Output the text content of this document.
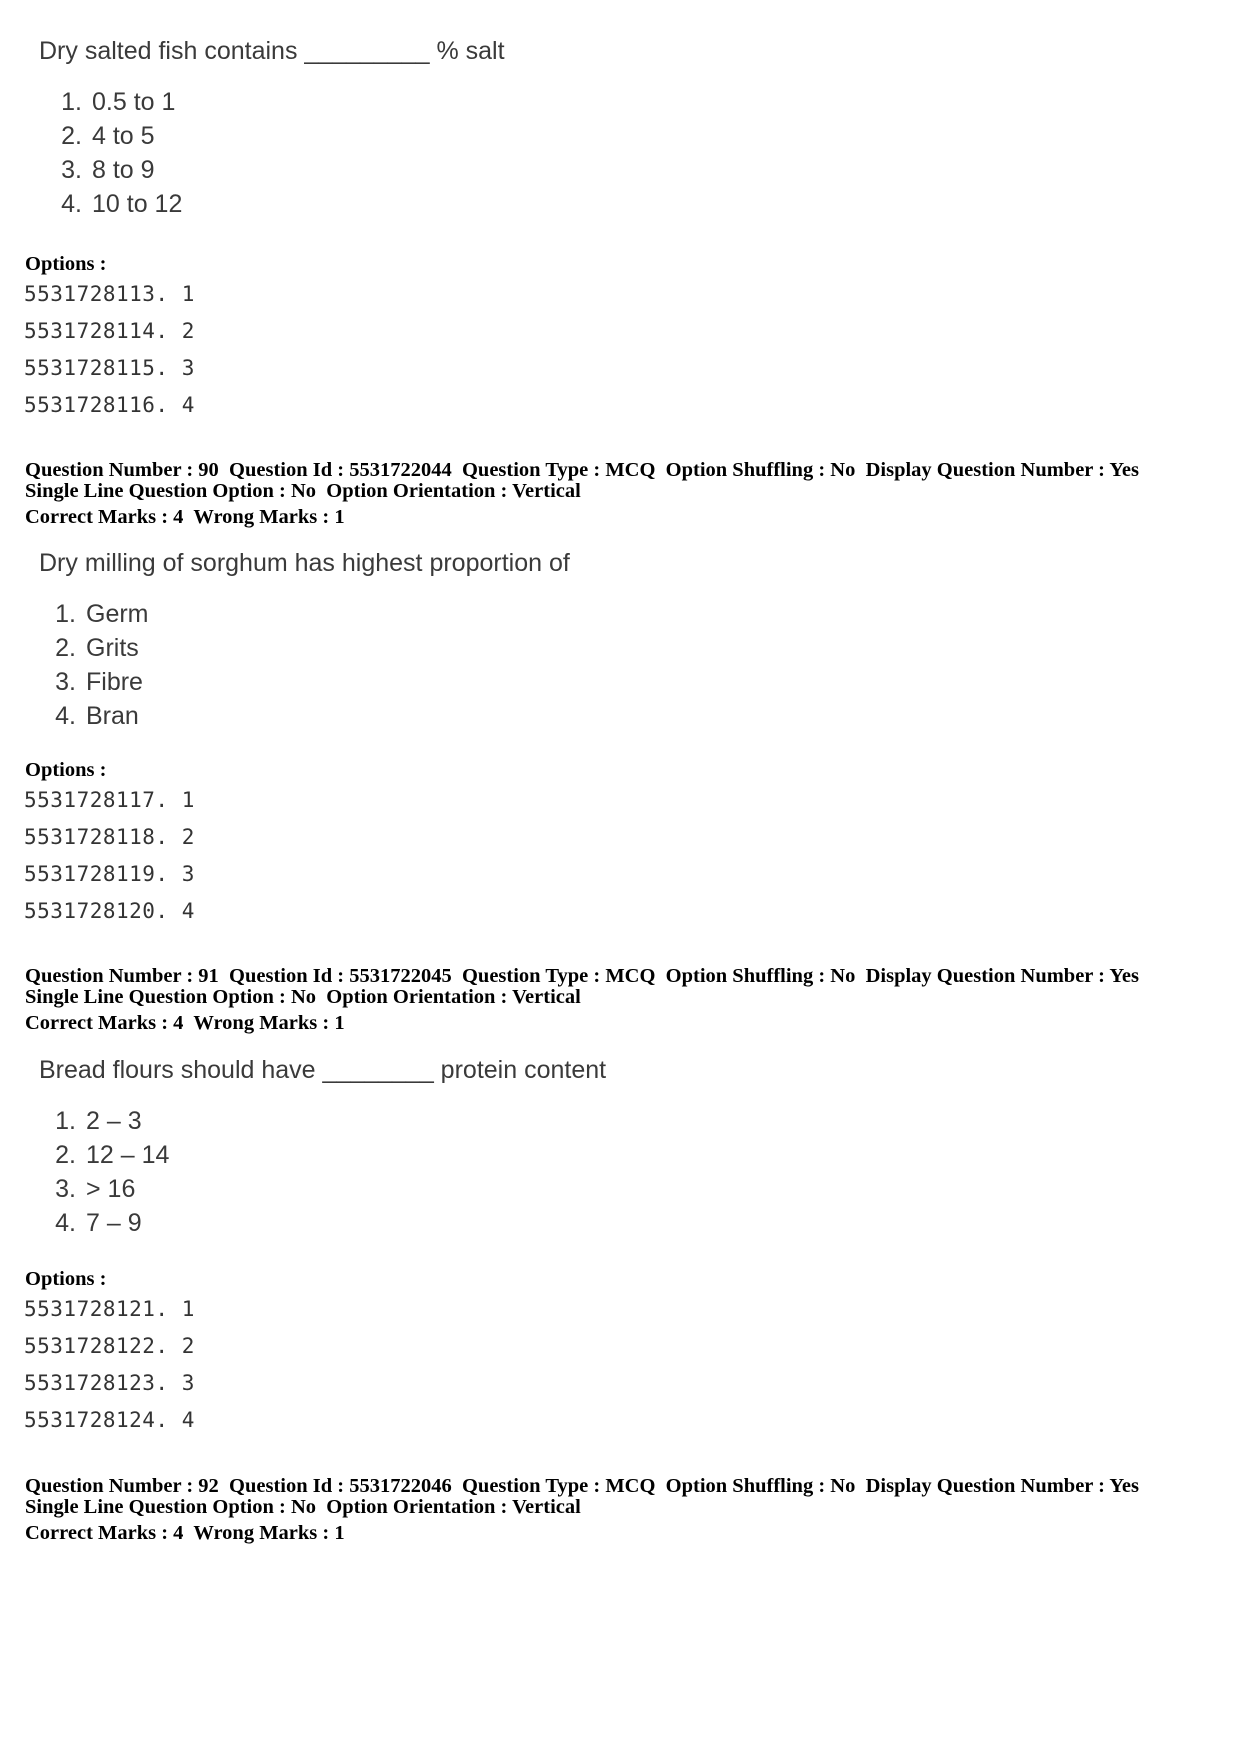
Dry salted fish contains _________ % salt
1. 0.5 to 1
2. 4 to 5
3. 8 to 9
4. 10 to 12
Options :
5531728113. 1
5531728114. 2
5531728115. 3
5531728116. 4
Question Number : 90  Question Id : 5531722044  Question Type : MCQ  Option Shuffling : No  Display Question Number : Yes
Single Line Question Option : No  Option Orientation : Vertical
Correct Marks : 4  Wrong Marks : 1
Dry milling of sorghum has highest proportion of
1. Germ
2. Grits
3. Fibre
4. Bran
Options :
5531728117. 1
5531728118. 2
5531728119. 3
5531728120. 4
Question Number : 91  Question Id : 5531722045  Question Type : MCQ  Option Shuffling : No  Display Question Number : Yes
Single Line Question Option : No  Option Orientation : Vertical
Correct Marks : 4  Wrong Marks : 1
Bread flours should have ________ protein content
1. 2 – 3
2. 12 – 14
3. > 16
4. 7 – 9
Options :
5531728121. 1
5531728122. 2
5531728123. 3
5531728124. 4
Question Number : 92  Question Id : 5531722046  Question Type : MCQ  Option Shuffling : No  Display Question Number : Yes
Single Line Question Option : No  Option Orientation : Vertical
Correct Marks : 4  Wrong Marks : 1
